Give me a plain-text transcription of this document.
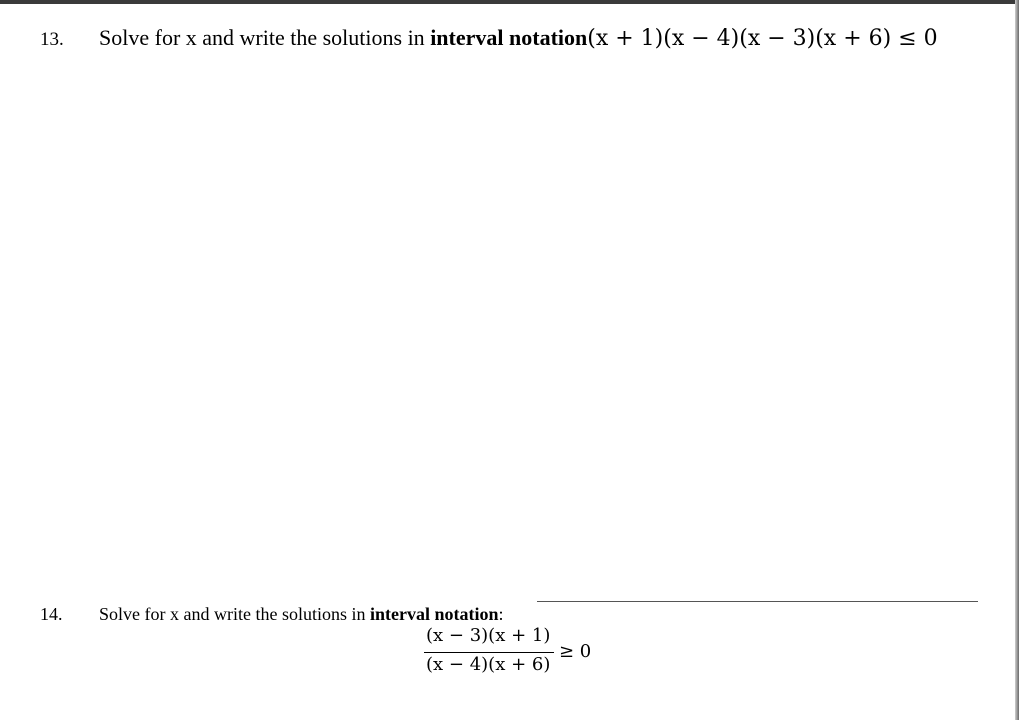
13. Solve for x and write the solutions in interval notation(x + 1)(x − 4)(x − 3)(x + 6) ≤ 0
14. Solve for x and write the solutions in interval notation:
(x − 3)(x + 1)
(x − 4)(x + 6)
≥ 0
